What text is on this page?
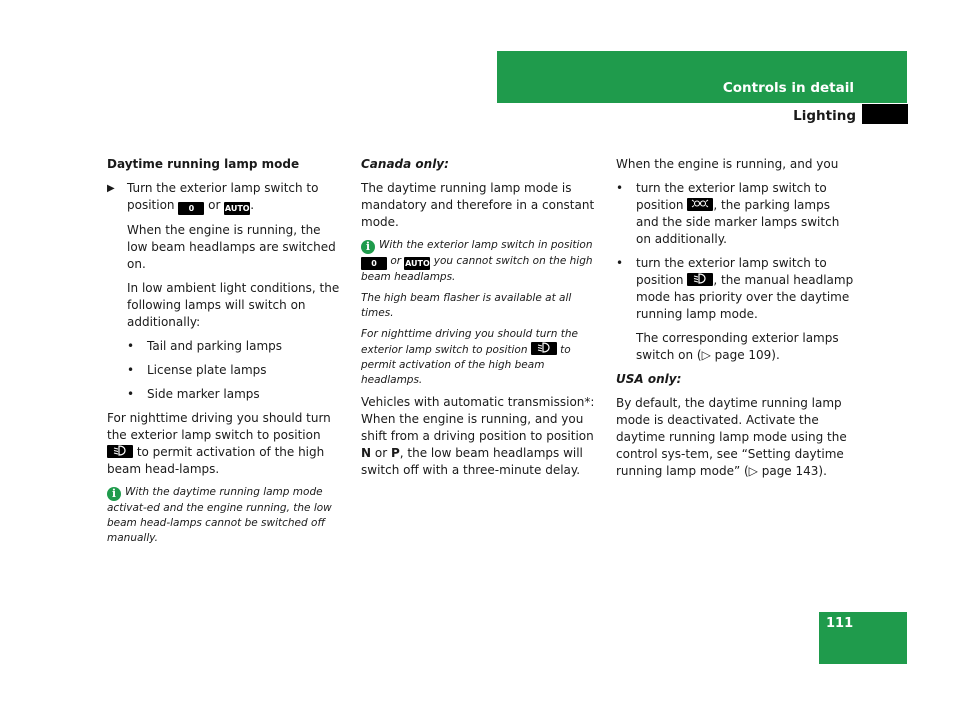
Controls in detail
Lighting

Daytime running lamp mode

▶ Turn the exterior lamp switch to position 0 or AUTO.

When the engine is running, the low beam headlamps are switched on.

In low ambient light conditions, the following lamps will switch on additionally:

• Tail and parking lamps
• License plate lamps
• Side marker lamps

For nighttime driving you should turn the exterior lamp switch to position
to permit activation of the high beam head-lamps.

i With the daytime running lamp mode activat-ed and the engine running, the low beam head-lamps cannot be switched off manually.

Canada only:

The daytime running lamp mode is mandatory and therefore in a constant mode.

i With the exterior lamp switch in position 0 or AUTO you cannot switch on the high beam headlamps.

The high beam flasher is available at all times.

For nighttime driving you should turn the exterior lamp switch to position
to permit activation of the high beam headlamps.

Vehicles with automatic transmission*: When the engine is running, and you shift from a driving position to position N or P, the low beam headlamps will switch off with a three-minute delay.

When the engine is running, and you

• turn the exterior lamp switch to position
, the parking lamps and the side marker lamps switch on additionally.
• turn the exterior lamp switch to position
, the manual headlamp mode has priority over the daytime running lamp mode.
The corresponding exterior lamps switch on (▷ page 109).

USA only:

By default, the daytime running lamp mode is deactivated. Activate the daytime running lamp mode using the control sys-tem, see “Setting daytime running lamp mode” (▷ page 143).

111
